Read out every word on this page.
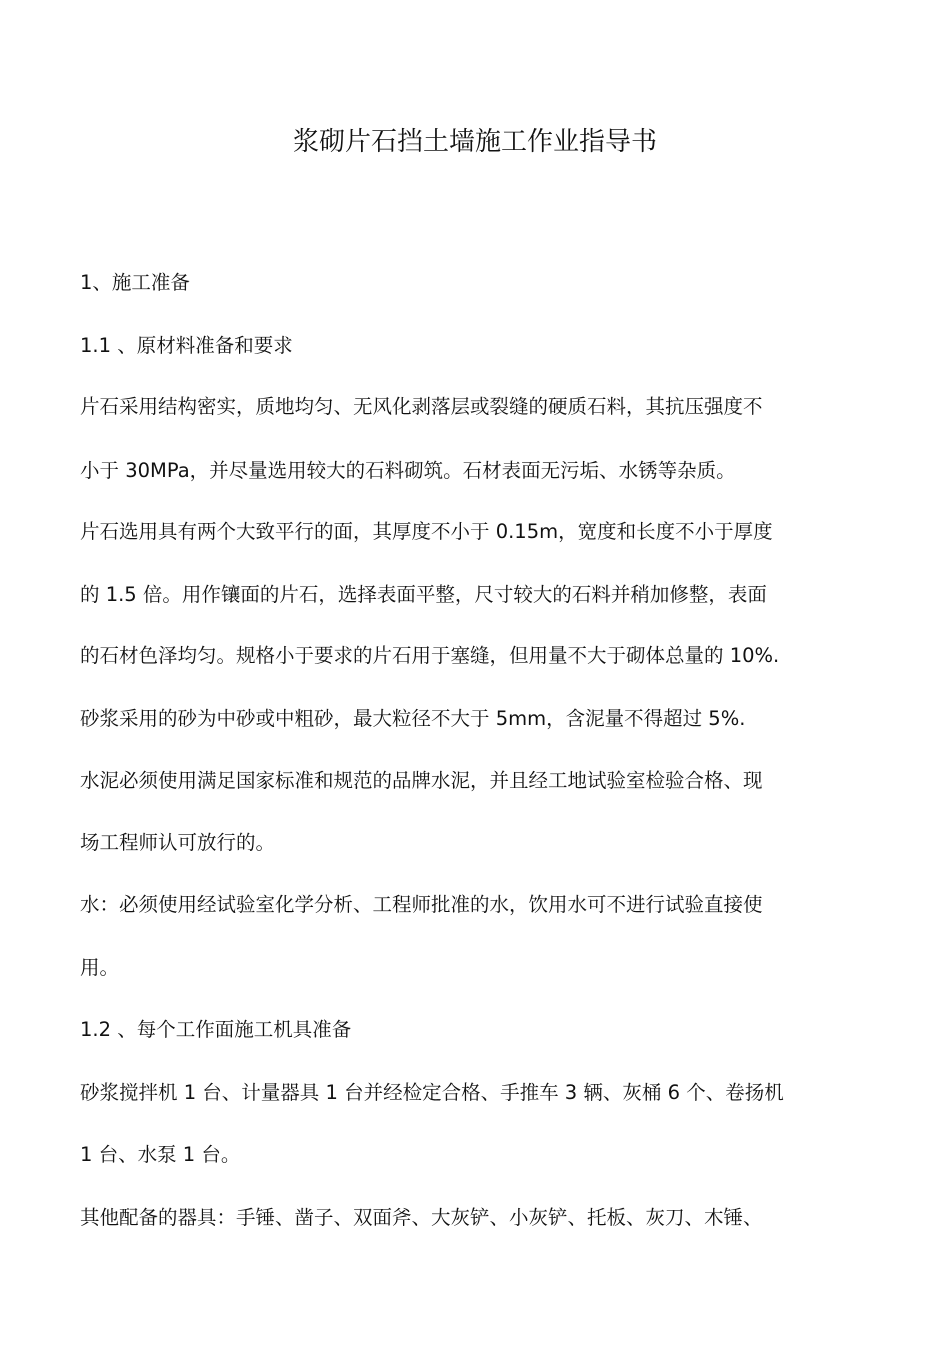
浆砌片石挡土墙施工作业指导书
1、施工准备
1.1 、原材料准备和要求
片石采用结构密实，质地均匀、无风化剥落层或裂缝的硬质石料，其抗压强度不
小于 30MPa，并尽量选用较大的石料砌筑。石材表面无污垢、水锈等杂质。
片石选用具有两个大致平行的面，其厚度不小于 0.15m，宽度和长度不小于厚度
的 1.5 倍。用作镶面的片石，选择表面平整，尺寸较大的石料并稍加修整，表面
的石材色泽均匀。规格小于要求的片石用于塞缝，但用量不大于砌体总量的 10%.
砂浆采用的砂为中砂或中粗砂，最大粒径不大于 5mm，含泥量不得超过 5%.
水泥必须使用满足国家标准和规范的品牌水泥，并且经工地试验室检验合格、现
场工程师认可放行的。
水：必须使用经试验室化学分析、工程师批准的水，饮用水可不进行试验直接使
用。
1.2 、每个工作面施工机具准备
砂浆搅拌机 1 台、计量器具 1 台并经检定合格、手推车 3 辆、灰桶 6 个、卷扬机
1 台、水泵 1 台。
其他配备的器具：手锤、凿子、双面斧、大灰铲、小灰铲、托板、灰刀、木锤、
